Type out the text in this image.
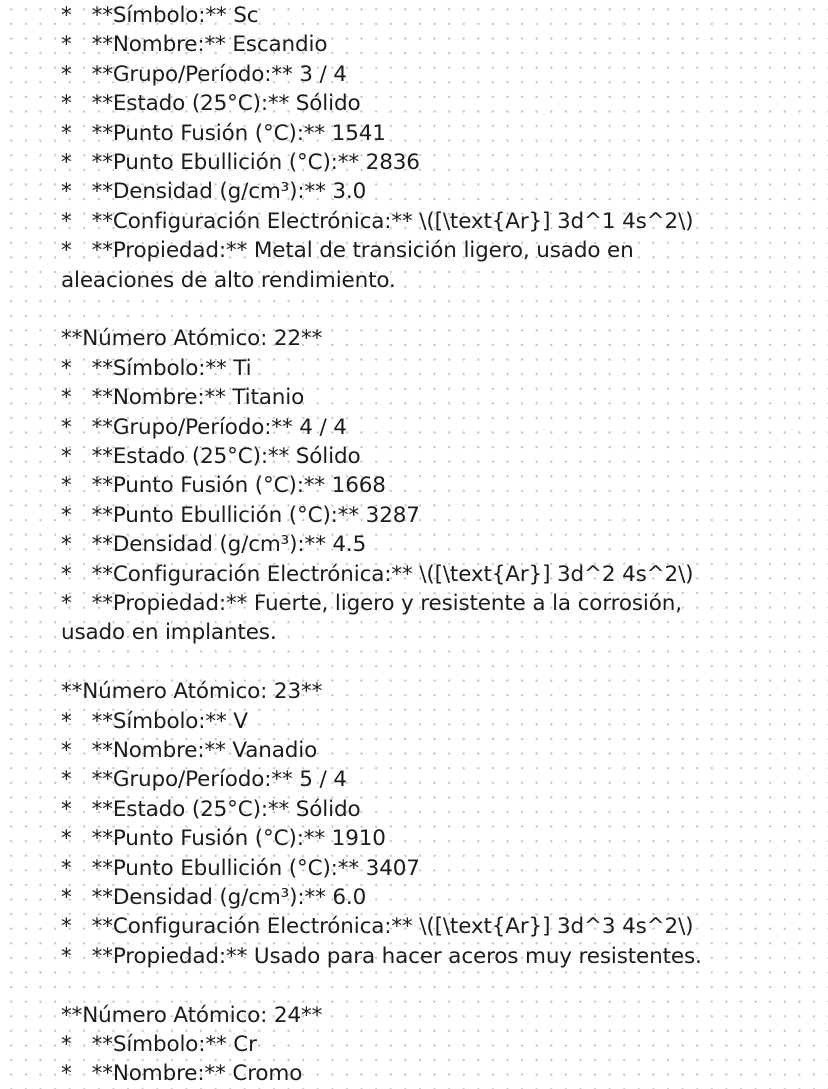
*   **Símbolo:** Sc
*   **Nombre:** Escandio
*   **Grupo/Período:** 3 / 4
*   **Estado (25°C):** Sólido
*   **Punto Fusión (°C):** 1541
*   **Punto Ebullición (°C):** 2836
*   **Densidad (g/cm³):** 3.0
*   **Configuración Electrónica:** \([\text{Ar}] 3d^1 4s^2\)
*   **Propiedad:** Metal de transición ligero, usado en
aleaciones de alto rendimiento.
**Número Atómico: 22**
*   **Símbolo:** Ti
*   **Nombre:** Titanio
*   **Grupo/Período:** 4 / 4
*   **Estado (25°C):** Sólido
*   **Punto Fusión (°C):** 1668
*   **Punto Ebullición (°C):** 3287
*   **Densidad (g/cm³):** 4.5
*   **Configuración Electrónica:** \([\text{Ar}] 3d^2 4s^2\)
*   **Propiedad:** Fuerte, ligero y resistente a la corrosión,
usado en implantes.
**Número Atómico: 23**
*   **Símbolo:** V
*   **Nombre:** Vanadio
*   **Grupo/Período:** 5 / 4
*   **Estado (25°C):** Sólido
*   **Punto Fusión (°C):** 1910
*   **Punto Ebullición (°C):** 3407
*   **Densidad (g/cm³):** 6.0
*   **Configuración Electrónica:** \([\text{Ar}] 3d^3 4s^2\)
*   **Propiedad:** Usado para hacer aceros muy resistentes.
**Número Atómico: 24**
*   **Símbolo:** Cr
*   **Nombre:** Cromo
